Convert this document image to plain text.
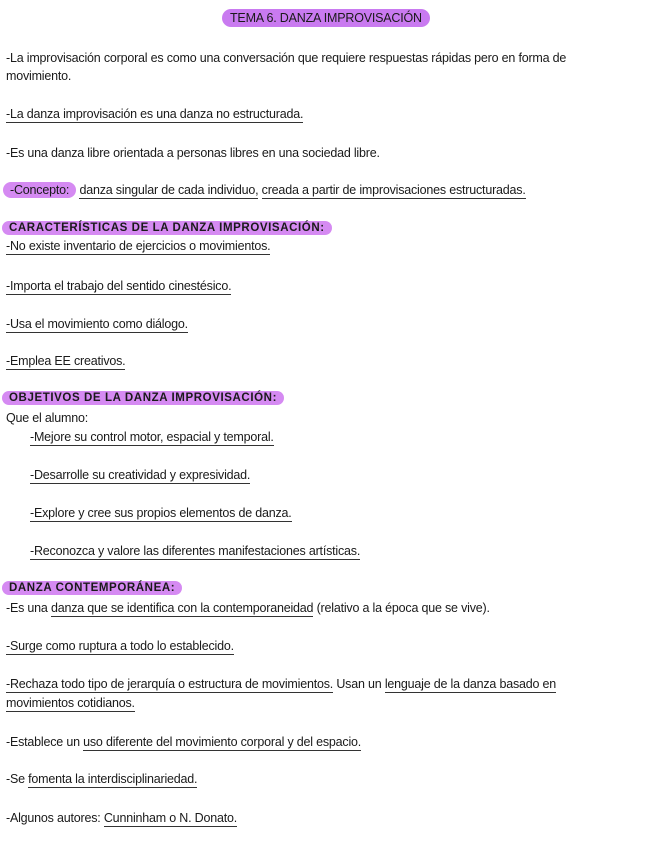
TEMA 6. DANZA IMPROVISACIÓN
-La improvisación corporal es como una conversación que requiere respuestas rápidas pero en forma de
movimiento.
-La danza improvisación es una danza no estructurada.
-Es una danza libre orientada a personas libres en una sociedad libre.
-Concepto: danza singular de cada individuo, creada a partir de improvisaciones estructuradas.
CARACTERÍSTICAS DE LA DANZA IMPROVISACIÓN:
-No existe inventario de ejercicios o movimientos.
-Importa el trabajo del sentido cinestésico.
-Usa el movimiento como diálogo.
-Emplea EE creativos.
OBJETIVOS DE LA DANZA IMPROVISACIÓN:
Que el alumno:
-Mejore su control motor, espacial y temporal.
-Desarrolle su creatividad y expresividad.
-Explore y cree sus propios elementos de danza.
-Reconozca y valore las diferentes manifestaciones artísticas.
DANZA CONTEMPORÁNEA:
-Es una danza que se identifica con la contemporaneidad (relativo a la época que se vive).
-Surge como ruptura a todo lo establecido.
-Rechaza todo tipo de jerarquía o estructura de movimientos. Usan un lenguaje de la danza basado en
movimientos cotidianos.
-Establece un uso diferente del movimiento corporal y del espacio.
-Se fomenta la interdisciplinariedad.
-Algunos autores: Cunninham o N. Donato.
